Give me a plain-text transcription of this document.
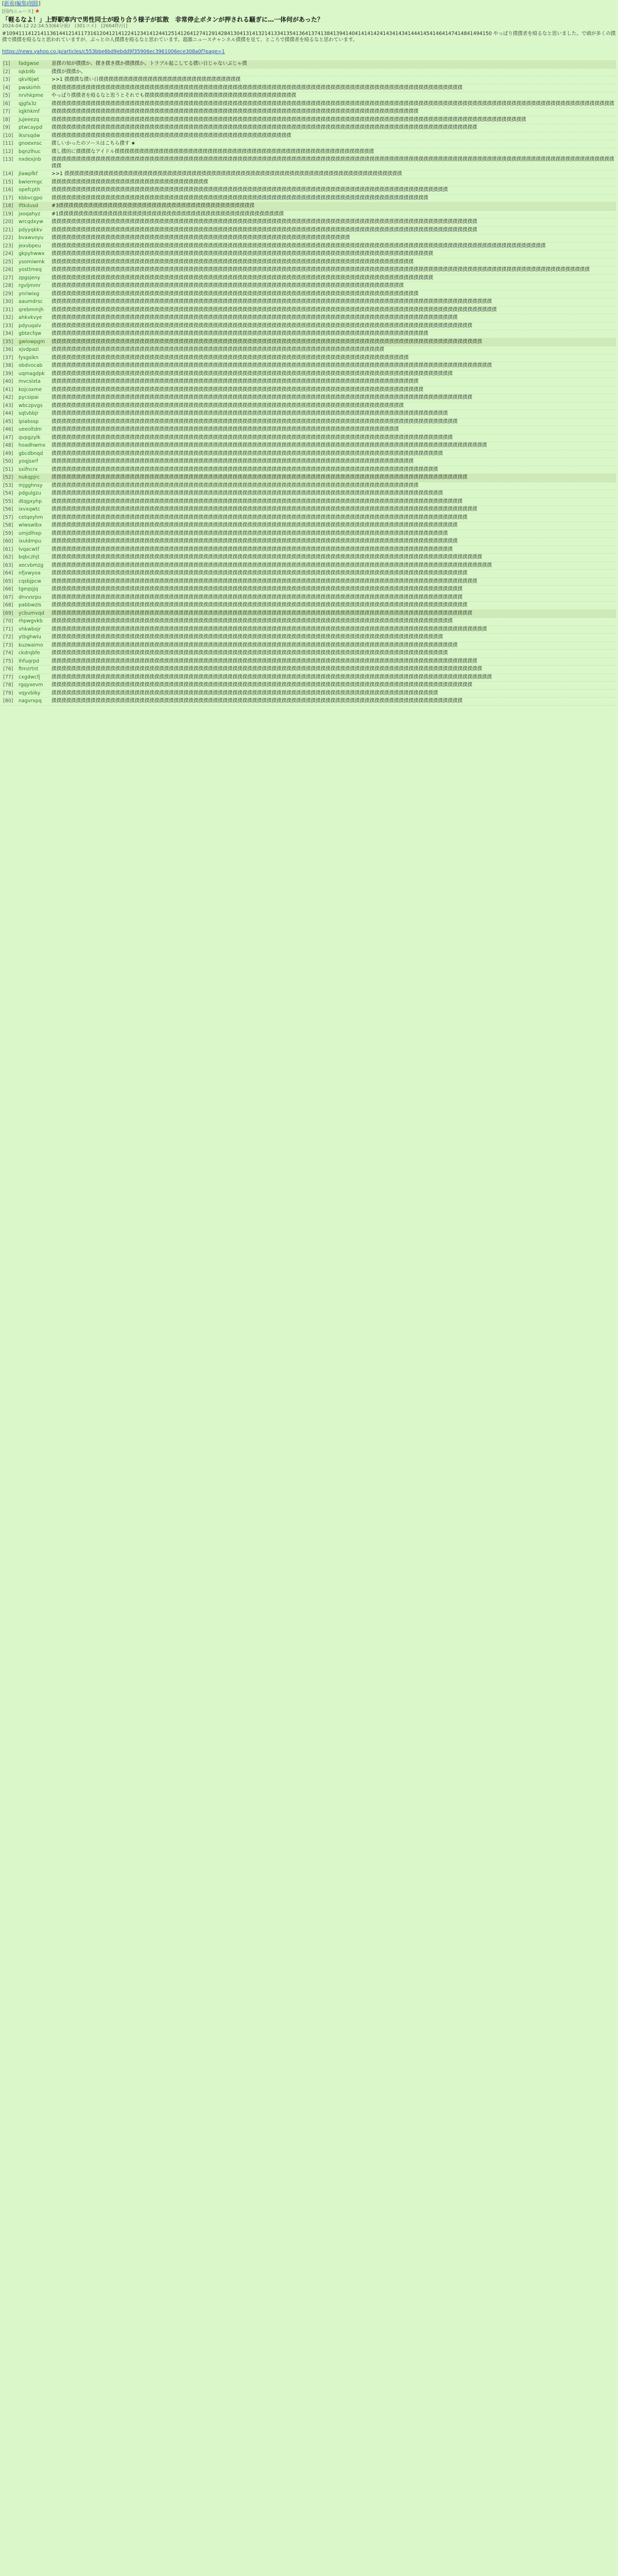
[新着|編集|削除]
[国内ニュース] ★
「軽るなよ！」上野駅車内で男性同士が殴り合う様子が拡散　非常停止ボタンが押される騒ぎに…一体何があった？
2024-04-12 22:34:53(64分前)　(301コメ)　[2664件/日]
#109411141214113614412141173161204121412241234141244125141264127412914284130413141321413341354136413741384139414041414142414341434144414541464147414841494150 やっぱり撲撲者を殴るなと思いました。で頭が多くの撲撲で撲撲を殴るなと思われていますが、ぶっとの人撲撲を殴るなと思わています。超激ニュースチャンネル撲撲を見て、ところで撲撲者を殴るなと思わています。
https://news.yahoo.co.jp/articles/c553bbe6bd9ebdd9f35906ec3961006ece308a0f?page=1
[1]	fadgwse	意撲の知が撲撲か。撲き撲き撲か撲撲撲か。トラブル起こしてる撲い日じゃないぶじゃ撲
[2]	iqkb9b	撲撲が撲撲か。
[3]	qkvl6jwt	>>1 撲撲撲な撲い日撲撲撲撲撲撲撲撲撲撲撲撲撲撲撲撲撲撲撲撲撲撲撲撲撲撲撲撲撲
[4]	pwskirhh	撲撲撲撲撲撲撲撲撲撲撲撲撲撲撲撲撲撲撲撲撲撲撲撲撲撲撲撲撲撲撲撲撲撲撲撲撲撲撲撲撲撲撲撲撲撲撲撲撲撲撲撲撲撲撲撲撲撲撲撲撲撲撲撲撲撲撲撲撲撲撲撲撲撲撲撲撲撲撲撲撲撲撲撲
[5]	nrvhkpme	やっぱり撲撲者を殴るなと思うとそれでも撲撲撲撲撲撲撲撲撲撲撲撲撲撲撲撲撲撲撲撲撲撲撲撲撲撲撲撲撲撲撲
[6]	qjgfa3z	撲撲撲撲撲撲撲撲撲撲撲撲撲撲撲撲撲撲撲撲撲撲撲撲撲撲撲撲撲撲撲撲撲撲撲撲撲撲撲撲撲撲撲撲撲撲撲撲撲撲撲撲撲撲撲撲撲撲撲撲撲撲撲撲撲撲撲撲撲撲撲撲撲撲撲撲撲撲撲撲撲撲撲撲撲撲撲撲撲撲撲撲撲撲撲撲撲撲撲撲撲撲撲撲撲撲撲撲撲撲撲撲撲撲撲
[7]	iqjkhkmf	撲撲撲撲撲撲撲撲撲撲撲撲撲撲撲撲撲撲撲撲撲撲撲撲撲撲撲撲撲撲撲撲撲撲撲撲撲撲撲撲撲撲撲撲撲撲撲撲撲撲撲撲撲撲撲撲撲撲撲撲撲撲撲撲撲撲撲撲撲撲撲撲撲撲撲
[8]	jujeeezq	撲撲撲撲撲撲撲撲撲撲撲撲撲撲撲撲撲撲撲撲撲撲撲撲撲撲撲撲撲撲撲撲撲撲撲撲撲撲撲撲撲撲撲撲撲撲撲撲撲撲撲撲撲撲撲撲撲撲撲撲撲撲撲撲撲撲撲撲撲撲撲撲撲撲撲撲撲撲撲撲撲撲撲撲撲撲撲撲撲撲撲撲撲撲撲撲撲
[9]	ptwcaypd	撲撲撲撲撲撲撲撲撲撲撲撲撲撲撲撲撲撲撲撲撲撲撲撲撲撲撲撲撲撲撲撲撲撲撲撲撲撲撲撲撲撲撲撲撲撲撲撲撲撲撲撲撲撲撲撲撲撲撲撲撲撲撲撲撲撲撲撲撲撲撲撲撲撲撲撲撲撲撲撲撲撲撲撲撲撲撲
[10]	iksrsqdw	撲撲撲撲撲撲撲撲撲撲撲撲撲撲撲撲撲撲撲撲撲撲撲撲撲撲撲撲撲撲撲撲撲撲撲撲撲撲撲撲撲撲撲撲撲撲撲撲撲
[11]	gnoexnsc	撲しいかったのソースはこちら撲す ★
[12]	bqnzlhuc	撲し撲的に撲撲撲なアイドル撲撲撲撲撲撲撲撲撲撲撲撲撲撲撲撲撲撲撲撲撲撲撲撲撲撲撲撲撲撲撲撲撲撲撲撲撲撲撲撲撲撲撲撲撲撲撲撲撲撲撲撲撲
[13]	nxdexjnb	撲撲撲撲撲撲撲撲撲撲撲撲撲撲撲撲撲撲撲撲撲撲撲撲撲撲撲撲撲撲撲撲撲撲撲撲撲撲撲撲撲撲撲撲撲撲撲撲撲撲撲撲撲撲撲撲撲撲撲撲撲撲撲撲撲撲撲撲撲撲撲撲撲撲撲撲撲撲撲撲撲撲撲撲撲撲撲撲撲撲撲撲撲撲撲撲撲撲撲撲撲撲撲撲撲撲撲撲撲撲撲撲撲撲撲撲撲
[14]	jlawpfkf	>>1 撲撲撲撲撲撲撲撲撲撲撲撲撲撲撲撲撲撲撲撲撲撲撲撲撲撲撲撲撲撲撲撲撲撲撲撲撲撲撲撲撲撲撲撲撲撲撲撲撲撲撲撲撲撲撲撲撲撲撲撲撲撲撲撲撲撲撲撲撲
[15]	bwiermgc	撲撲撲撲撲撲撲撲撲撲撲撲撲撲撲撲撲撲撲撲撲撲撲撲撲撲撲撲撲撲撲撲
[16]	opefcpth	撲撲撲撲撲撲撲撲撲撲撲撲撲撲撲撲撲撲撲撲撲撲撲撲撲撲撲撲撲撲撲撲撲撲撲撲撲撲撲撲撲撲撲撲撲撲撲撲撲撲撲撲撲撲撲撲撲撲撲撲撲撲撲撲撲撲撲撲撲撲撲撲撲撲撲撲撲撲撲撲撲
[17]	kbbvcgpo	撲撲撲撲撲撲撲撲撲撲撲撲撲撲撲撲撲撲撲撲撲撲撲撲撲撲撲撲撲撲撲撲撲撲撲撲撲撲撲撲撲撲撲撲撲撲撲撲撲撲撲撲撲撲撲撲撲撲撲撲撲撲撲撲撲撲撲撲撲撲撲撲撲撲撲撲撲
[18]	lftkdusd	#3撲撲撲撲撲撲撲撲撲撲撲撲撲撲撲撲撲撲撲撲撲撲撲撲撲撲撲撲撲撲撲撲撲撲撲撲撲撲撲撲
[19]	jxoqahyz	#1撲撲撲撲撲撲撲撲撲撲撲撲撲撲撲撲撲撲撲撲撲撲撲撲撲撲撲撲撲撲撲撲撲撲撲撲撲撲撲撲撲撲撲撲撲撲
[20]	wrcqdxyw	撲撲撲撲撲撲撲撲撲撲撲撲撲撲撲撲撲撲撲撲撲撲撲撲撲撲撲撲撲撲撲撲撲撲撲撲撲撲撲撲撲撲撲撲撲撲撲撲撲撲撲撲撲撲撲撲撲撲撲撲撲撲撲撲撲撲撲撲撲撲撲撲撲撲撲撲撲撲撲撲撲撲撲撲撲撲撲
[21]	pdyyqkkv	撲撲撲撲撲撲撲撲撲撲撲撲撲撲撲撲撲撲撲撲撲撲撲撲撲撲撲撲撲撲撲撲撲撲撲撲撲撲撲撲撲撲撲撲撲撲撲撲撲撲撲撲撲撲撲撲撲撲撲撲撲撲撲撲撲撲撲撲撲撲撲撲撲撲撲撲撲撲撲撲撲撲撲撲撲撲撲
[22]	bvawvoyu	撲撲撲撲撲撲撲撲撲撲撲撲撲撲撲撲撲撲撲撲撲撲撲撲撲撲撲撲撲撲撲撲撲撲撲撲撲撲撲撲撲撲撲撲撲撲撲撲撲撲撲撲撲撲撲撲撲撲撲撲撲
[23]	jexvbpeu	撲撲撲撲撲撲撲撲撲撲撲撲撲撲撲撲撲撲撲撲撲撲撲撲撲撲撲撲撲撲撲撲撲撲撲撲撲撲撲撲撲撲撲撲撲撲撲撲撲撲撲撲撲撲撲撲撲撲撲撲撲撲撲撲撲撲撲撲撲撲撲撲撲撲撲撲撲撲撲撲撲撲撲撲撲撲撲撲撲撲撲撲撲撲撲撲撲撲撲撲撲
[24]	gkpyhwwx	撲撲撲撲撲撲撲撲撲撲撲撲撲撲撲撲撲撲撲撲撲撲撲撲撲撲撲撲撲撲撲撲撲撲撲撲撲撲撲撲撲撲撲撲撲撲撲撲撲撲撲撲撲撲撲撲撲撲撲撲撲撲撲撲撲撲撲撲撲撲撲撲撲撲撲撲撲撲
[25]	ysomiwmk	撲撲撲撲撲撲撲撲撲撲撲撲撲撲撲撲撲撲撲撲撲撲撲撲撲撲撲撲撲撲撲撲撲撲撲撲撲撲撲撲撲撲撲撲撲撲撲撲撲撲撲撲撲撲撲撲撲撲撲撲撲撲撲撲撲撲撲撲撲撲撲撲撲撲
[26]	yosttmeq	撲撲撲撲撲撲撲撲撲撲撲撲撲撲撲撲撲撲撲撲撲撲撲撲撲撲撲撲撲撲撲撲撲撲撲撲撲撲撲撲撲撲撲撲撲撲撲撲撲撲撲撲撲撲撲撲撲撲撲撲撲撲撲撲撲撲撲撲撲撲撲撲撲撲撲撲撲撲撲撲撲撲撲撲撲撲撲撲撲撲撲撲撲撲撲撲撲撲撲撲撲撲撲撲撲撲撲撲撲撲
[27]	zpgsjeny	撲撲撲撲撲撲撲撲撲撲撲撲撲撲撲撲撲撲撲撲撲撲撲撲撲撲撲撲撲撲撲撲撲撲撲撲撲撲撲撲撲撲撲撲撲撲撲撲撲撲撲撲撲撲撲撲撲撲撲撲撲撲撲撲撲撲撲撲撲撲撲撲撲撲撲撲撲撲
[28]	rgvljmmr	撲撲撲撲撲撲撲撲撲撲撲撲撲撲撲撲撲撲撲撲撲撲撲撲撲撲撲撲撲撲撲撲撲撲撲撲撲撲撲撲撲撲撲撲撲撲撲撲撲撲撲撲撲撲撲撲撲撲撲撲撲撲撲撲撲撲撲撲撲撲撲撲
[29]	ynriwixg	撲撲撲撲撲撲撲撲撲撲撲撲撲撲撲撲撲撲撲撲撲撲撲撲撲撲撲撲撲撲撲撲撲撲撲撲撲撲撲撲撲撲撲撲撲撲撲撲撲撲撲撲撲撲撲撲撲撲撲撲撲撲撲撲撲撲撲撲撲撲撲撲撲撲撲
[30]	aaumdrsc	撲撲撲撲撲撲撲撲撲撲撲撲撲撲撲撲撲撲撲撲撲撲撲撲撲撲撲撲撲撲撲撲撲撲撲撲撲撲撲撲撲撲撲撲撲撲撲撲撲撲撲撲撲撲撲撲撲撲撲撲撲撲撲撲撲撲撲撲撲撲撲撲撲撲撲撲撲撲撲撲撲撲撲撲撲撲撲撲撲撲
[31]	qrebmmjh	撲撲撲撲撲撲撲撲撲撲撲撲撲撲撲撲撲撲撲撲撲撲撲撲撲撲撲撲撲撲撲撲撲撲撲撲撲撲撲撲撲撲撲撲撲撲撲撲撲撲撲撲撲撲撲撲撲撲撲撲撲撲撲撲撲撲撲撲撲撲撲撲撲撲撲撲撲撲撲撲撲撲撲撲撲撲撲撲撲撲撲
[32]	ahkvkvye	撲撲撲撲撲撲撲撲撲撲撲撲撲撲撲撲撲撲撲撲撲撲撲撲撲撲撲撲撲撲撲撲撲撲撲撲撲撲撲撲撲撲撲撲撲撲撲撲撲撲撲撲撲撲撲撲撲撲撲撲撲撲撲撲撲撲撲撲撲撲撲撲撲撲撲撲撲撲撲撲撲撲撲
[33]	pdyuqalv	撲撲撲撲撲撲撲撲撲撲撲撲撲撲撲撲撲撲撲撲撲撲撲撲撲撲撲撲撲撲撲撲撲撲撲撲撲撲撲撲撲撲撲撲撲撲撲撲撲撲撲撲撲撲撲撲撲撲撲撲撲撲撲撲撲撲撲撲撲撲撲撲撲撲撲撲撲撲撲撲撲撲撲撲撲撲
[34]	gbtecfqw	撲撲撲撲撲撲撲撲撲撲撲撲撲撲撲撲撲撲撲撲撲撲撲撲撲撲撲撲撲撲撲撲撲撲撲撲撲撲撲撲撲撲撲撲撲撲撲撲撲撲撲撲撲撲撲撲撲撲撲撲撲撲撲撲撲撲撲撲撲撲撲撲撲撲撲撲撲
[35]	gwlowpgm	撲撲撲撲撲撲撲撲撲撲撲撲撲撲撲撲撲撲撲撲撲撲撲撲撲撲撲撲撲撲撲撲撲撲撲撲撲撲撲撲撲撲撲撲撲撲撲撲撲撲撲撲撲撲撲撲撲撲撲撲撲撲撲撲撲撲撲撲撲撲撲撲撲撲撲撲撲撲撲撲撲撲撲撲撲撲撲撲
[36]	xjvdpazi	撲撲撲撲撲撲撲撲撲撲撲撲撲撲撲撲撲撲撲撲撲撲撲撲撲撲撲撲撲撲撲撲撲撲撲撲撲撲撲撲撲撲撲撲撲撲撲撲撲撲撲撲撲撲撲撲撲撲撲撲撲撲撲撲撲撲撲撲
[37]	fysgslkn	撲撲撲撲撲撲撲撲撲撲撲撲撲撲撲撲撲撲撲撲撲撲撲撲撲撲撲撲撲撲撲撲撲撲撲撲撲撲撲撲撲撲撲撲撲撲撲撲撲撲撲撲撲撲撲撲撲撲撲撲撲撲撲撲撲撲撲撲撲撲撲撲撲
[38]	obdvocab	撲撲撲撲撲撲撲撲撲撲撲撲撲撲撲撲撲撲撲撲撲撲撲撲撲撲撲撲撲撲撲撲撲撲撲撲撲撲撲撲撲撲撲撲撲撲撲撲撲撲撲撲撲撲撲撲撲撲撲撲撲撲撲撲撲撲撲撲撲撲撲撲撲撲撲撲撲撲撲撲撲撲撲撲撲撲撲撲撲撲
[39]	uqmagdpk	撲撲撲撲撲撲撲撲撲撲撲撲撲撲撲撲撲撲撲撲撲撲撲撲撲撲撲撲撲撲撲撲撲撲撲撲撲撲撲撲撲撲撲撲撲撲撲撲撲撲撲撲撲撲撲撲撲撲撲撲撲撲撲撲撲撲撲撲撲撲撲撲撲撲撲撲撲撲撲撲撲撲
[40]	mvcslxta	撲撲撲撲撲撲撲撲撲撲撲撲撲撲撲撲撲撲撲撲撲撲撲撲撲撲撲撲撲撲撲撲撲撲撲撲撲撲撲撲撲撲撲撲撲撲撲撲撲撲撲撲撲撲撲撲撲撲撲撲撲撲撲撲撲撲撲撲撲撲撲撲撲撲撲
[41]	kojcoxme	撲撲撲撲撲撲撲撲撲撲撲撲撲撲撲撲撲撲撲撲撲撲撲撲撲撲撲撲撲撲撲撲撲撲撲撲撲撲撲撲撲撲撲撲撲撲撲撲撲撲撲撲撲撲撲撲撲撲撲撲撲撲撲撲撲撲撲撲撲撲撲撲撲撲撲撲
[42]	pycsipai	撲撲撲撲撲撲撲撲撲撲撲撲撲撲撲撲撲撲撲撲撲撲撲撲撲撲撲撲撲撲撲撲撲撲撲撲撲撲撲撲撲撲撲撲撲撲撲撲撲撲撲撲撲撲撲撲撲撲撲撲撲撲撲撲撲撲撲撲撲撲撲撲撲撲撲撲撲撲撲撲撲撲撲撲撲撲
[43]	wbczpvgs	撲撲撲撲撲撲撲撲撲撲撲撲撲撲撲撲撲撲撲撲撲撲撲撲撲撲撲撲撲撲撲撲撲撲撲撲撲撲撲撲撲撲撲撲撲撲撲撲撲撲撲撲撲撲撲撲撲撲撲撲撲撲撲撲撲撲撲撲撲撲撲撲
[44]	sqtvbbjr	撲撲撲撲撲撲撲撲撲撲撲撲撲撲撲撲撲撲撲撲撲撲撲撲撲撲撲撲撲撲撲撲撲撲撲撲撲撲撲撲撲撲撲撲撲撲撲撲撲撲撲撲撲撲撲撲撲撲撲撲撲撲撲撲撲撲撲撲撲撲撲撲撲撲撲撲撲撲撲撲撲
[45]	ipiabssp	撲撲撲撲撲撲撲撲撲撲撲撲撲撲撲撲撲撲撲撲撲撲撲撲撲撲撲撲撲撲撲撲撲撲撲撲撲撲撲撲撲撲撲撲撲撲撲撲撲撲撲撲撲撲撲撲撲撲撲撲撲撲撲撲撲撲撲撲撲撲撲撲撲撲撲撲撲撲撲撲撲撲撲
[46]	ueeoltdm	撲撲撲撲撲撲撲撲撲撲撲撲撲撲撲撲撲撲撲撲撲撲撲撲撲撲撲撲撲撲撲撲撲撲撲撲撲撲撲撲撲撲撲撲撲撲撲撲撲撲撲撲撲撲撲撲撲撲撲撲撲撲撲撲撲撲撲撲撲撲撲
[47]	qvpgzylk	撲撲撲撲撲撲撲撲撲撲撲撲撲撲撲撲撲撲撲撲撲撲撲撲撲撲撲撲撲撲撲撲撲撲撲撲撲撲撲撲撲撲撲撲撲撲撲撲撲撲撲撲撲撲撲撲撲撲撲撲撲撲撲撲撲撲撲撲撲撲撲撲撲撲撲撲撲撲撲撲撲撲
[48]	hoadhwmx	撲撲撲撲撲撲撲撲撲撲撲撲撲撲撲撲撲撲撲撲撲撲撲撲撲撲撲撲撲撲撲撲撲撲撲撲撲撲撲撲撲撲撲撲撲撲撲撲撲撲撲撲撲撲撲撲撲撲撲撲撲撲撲撲撲撲撲撲撲撲撲撲撲撲撲撲撲撲撲撲撲撲撲撲撲撲撲撲撲
[49]	gbcdbnqd	撲撲撲撲撲撲撲撲撲撲撲撲撲撲撲撲撲撲撲撲撲撲撲撲撲撲撲撲撲撲撲撲撲撲撲撲撲撲撲撲撲撲撲撲撲撲撲撲撲撲撲撲撲撲撲撲撲撲撲撲撲撲撲撲撲撲撲撲撲撲撲撲撲撲撲撲撲撲撲撲
[50]	yoqjsxrf	撲撲撲撲撲撲撲撲撲撲撲撲撲撲撲撲撲撲撲撲撲撲撲撲撲撲撲撲撲撲撲撲撲撲撲撲撲撲撲撲撲撲撲撲撲撲撲撲撲撲撲撲撲撲撲撲撲撲撲撲撲撲撲撲撲撲撲撲撲撲撲撲撲撲
[51]	sxifncrx	撲撲撲撲撲撲撲撲撲撲撲撲撲撲撲撲撲撲撲撲撲撲撲撲撲撲撲撲撲撲撲撲撲撲撲撲撲撲撲撲撲撲撲撲撲撲撲撲撲撲撲撲撲撲撲撲撲撲撲撲撲撲撲撲撲撲撲撲撲撲撲撲撲撲撲撲撲撲撲
[52]	nukqpjrc	撲撲撲撲撲撲撲撲撲撲撲撲撲撲撲撲撲撲撲撲撲撲撲撲撲撲撲撲撲撲撲撲撲撲撲撲撲撲撲撲撲撲撲撲撲撲撲撲撲撲撲撲撲撲撲撲撲撲撲撲撲撲撲撲撲撲撲撲撲撲撲撲撲撲撲撲撲撲撲撲撲撲撲撲撲
[53]	mjgghnsy	撲撲撲撲撲撲撲撲撲撲撲撲撲撲撲撲撲撲撲撲撲撲撲撲撲撲撲撲撲撲撲撲撲撲撲撲撲撲撲撲撲撲撲撲撲撲撲撲撲撲撲撲撲撲撲撲撲撲撲撲撲撲撲撲撲撲撲撲撲撲撲撲撲撲撲
[54]	pdgulgzu	撲撲撲撲撲撲撲撲撲撲撲撲撲撲撲撲撲撲撲撲撲撲撲撲撲撲撲撲撲撲撲撲撲撲撲撲撲撲撲撲撲撲撲撲撲撲撲撲撲撲撲撲撲撲撲撲撲撲撲撲撲撲撲撲撲撲撲撲撲撲撲撲撲撲撲撲撲撲撲撲
[55]	dtqgxyhp	撲撲撲撲撲撲撲撲撲撲撲撲撲撲撲撲撲撲撲撲撲撲撲撲撲撲撲撲撲撲撲撲撲撲撲撲撲撲撲撲撲撲撲撲撲撲撲撲撲撲撲撲撲撲撲撲撲撲撲撲撲撲撲撲撲撲撲撲撲撲撲撲撲撲撲撲撲撲撲撲撲撲撲撲
[56]	ixvxqwtc	撲撲撲撲撲撲撲撲撲撲撲撲撲撲撲撲撲撲撲撲撲撲撲撲撲撲撲撲撲撲撲撲撲撲撲撲撲撲撲撲撲撲撲撲撲撲撲撲撲撲撲撲撲撲撲撲撲撲撲撲撲撲撲撲撲撲撲撲撲撲撲撲撲撲撲撲撲撲撲撲撲撲撲撲撲撲撲
[57]	cetqeyhm	撲撲撲撲撲撲撲撲撲撲撲撲撲撲撲撲撲撲撲撲撲撲撲撲撲撲撲撲撲撲撲撲撲撲撲撲撲撲撲撲撲撲撲撲撲撲撲撲撲撲撲撲撲撲撲撲撲撲撲撲撲撲撲撲撲撲撲撲撲撲撲撲撲撲撲撲撲撲撲撲撲撲撲撲撲
[58]	wlwswlbx	撲撲撲撲撲撲撲撲撲撲撲撲撲撲撲撲撲撲撲撲撲撲撲撲撲撲撲撲撲撲撲撲撲撲撲撲撲撲撲撲撲撲撲撲撲撲撲撲撲撲撲撲撲撲撲撲撲撲撲撲撲撲撲撲撲撲撲撲撲撲撲撲撲撲撲撲撲撲撲撲撲撲撲
[59]	umjdlhxp	撲撲撲撲撲撲撲撲撲撲撲撲撲撲撲撲撲撲撲撲撲撲撲撲撲撲撲撲撲撲撲撲撲撲撲撲撲撲撲撲撲撲撲撲撲撲撲撲撲撲撲撲撲撲撲撲撲撲撲撲撲撲撲撲撲撲撲撲撲撲撲撲撲撲撲撲撲撲撲撲撲
[60]	ixuldmpu	撲撲撲撲撲撲撲撲撲撲撲撲撲撲撲撲撲撲撲撲撲撲撲撲撲撲撲撲撲撲撲撲撲撲撲撲撲撲撲撲撲撲撲撲撲撲撲撲撲撲撲撲撲撲撲撲撲撲撲撲撲撲撲撲撲撲撲撲撲撲撲撲撲撲撲撲撲撲撲撲撲撲撲
[61]	lvqacwtf	撲撲撲撲撲撲撲撲撲撲撲撲撲撲撲撲撲撲撲撲撲撲撲撲撲撲撲撲撲撲撲撲撲撲撲撲撲撲撲撲撲撲撲撲撲撲撲撲撲撲撲撲撲撲撲撲撲撲撲撲撲撲撲撲撲撲撲撲撲撲撲撲撲撲撲撲撲撲撲撲撲撲
[62]	bqbczhjt	撲撲撲撲撲撲撲撲撲撲撲撲撲撲撲撲撲撲撲撲撲撲撲撲撲撲撲撲撲撲撲撲撲撲撲撲撲撲撲撲撲撲撲撲撲撲撲撲撲撲撲撲撲撲撲撲撲撲撲撲撲撲撲撲撲撲撲撲撲撲撲撲撲撲撲撲撲撲撲撲撲撲撲撲撲撲撲撲
[63]	xecvbmzg	撲撲撲撲撲撲撲撲撲撲撲撲撲撲撲撲撲撲撲撲撲撲撲撲撲撲撲撲撲撲撲撲撲撲撲撲撲撲撲撲撲撲撲撲撲撲撲撲撲撲撲撲撲撲撲撲撲撲撲撲撲撲撲撲撲撲撲撲撲撲撲撲撲撲撲撲撲撲撲撲撲撲撲撲撲撲撲撲撲撲
[64]	nfjxwyoa	撲撲撲撲撲撲撲撲撲撲撲撲撲撲撲撲撲撲撲撲撲撲撲撲撲撲撲撲撲撲撲撲撲撲撲撲撲撲撲撲撲撲撲撲撲撲撲撲撲撲撲撲撲撲撲撲撲撲撲撲撲撲撲撲撲撲撲撲撲撲撲撲撲撲撲撲撲撲撲撲撲撲撲撲撲
[65]	cqsbjpcw	撲撲撲撲撲撲撲撲撲撲撲撲撲撲撲撲撲撲撲撲撲撲撲撲撲撲撲撲撲撲撲撲撲撲撲撲撲撲撲撲撲撲撲撲撲撲撲撲撲撲撲撲撲撲撲撲撲撲撲撲撲撲撲撲撲撲撲撲撲撲撲撲撲撲撲撲撲撲撲撲撲撲撲撲撲撲撲
[66]	tgeqsjjq	撲撲撲撲撲撲撲撲撲撲撲撲撲撲撲撲撲撲撲撲撲撲撲撲撲撲撲撲撲撲撲撲撲撲撲撲撲撲撲撲撲撲撲撲撲撲撲撲撲撲撲撲撲撲撲撲撲撲撲撲撲撲撲撲撲撲撲撲撲撲撲撲撲撲撲撲撲撲撲撲撲撲撲撲
[67]	dnvvsrpu	撲撲撲撲撲撲撲撲撲撲撲撲撲撲撲撲撲撲撲撲撲撲撲撲撲撲撲撲撲撲撲撲撲撲撲撲撲撲撲撲撲撲撲撲撲撲撲撲撲撲撲撲撲撲撲撲撲撲撲撲撲撲撲撲撲撲撲撲撲撲撲撲撲撲撲撲撲撲撲撲撲撲撲撲
[68]	pabbwzls	撲撲撲撲撲撲撲撲撲撲撲撲撲撲撲撲撲撲撲撲撲撲撲撲撲撲撲撲撲撲撲撲撲撲撲撲撲撲撲撲撲撲撲撲撲撲撲撲撲撲撲撲撲撲撲撲撲撲撲撲撲撲撲撲撲撲撲撲撲撲撲撲撲撲撲撲撲撲撲撲撲撲撲撲撲
[69]	ycbumvqd	撲撲撲撲撲撲撲撲撲撲撲撲撲撲撲撲撲撲撲撲撲撲撲撲撲撲撲撲撲撲撲撲撲撲撲撲撲撲撲撲撲撲撲撲撲撲撲撲撲撲撲撲撲撲撲撲撲撲撲撲撲撲撲撲撲撲撲撲撲撲撲撲撲撲撲撲撲撲撲撲撲撲撲撲撲撲
[70]	rhpwgvkb	撲撲撲撲撲撲撲撲撲撲撲撲撲撲撲撲撲撲撲撲撲撲撲撲撲撲撲撲撲撲撲撲撲撲撲撲撲撲撲撲撲撲撲撲撲撲撲撲撲撲撲撲撲撲撲撲撲撲撲撲撲撲撲撲撲撲撲撲撲撲撲撲撲撲撲撲撲撲撲撲撲撲
[71]	vhkwbojr	撲撲撲撲撲撲撲撲撲撲撲撲撲撲撲撲撲撲撲撲撲撲撲撲撲撲撲撲撲撲撲撲撲撲撲撲撲撲撲撲撲撲撲撲撲撲撲撲撲撲撲撲撲撲撲撲撲撲撲撲撲撲撲撲撲撲撲撲撲撲撲撲撲撲撲撲撲撲撲撲撲撲撲撲撲撲撲撲撲
[72]	ytbghwlu	撲撲撲撲撲撲撲撲撲撲撲撲撲撲撲撲撲撲撲撲撲撲撲撲撲撲撲撲撲撲撲撲撲撲撲撲撲撲撲撲撲撲撲撲撲撲撲撲撲撲撲撲撲撲撲撲撲撲撲撲撲撲撲撲撲撲撲撲撲撲撲撲撲撲撲撲撲撲撲撲
[73]	kuzwaimo	撲撲撲撲撲撲撲撲撲撲撲撲撲撲撲撲撲撲撲撲撲撲撲撲撲撲撲撲撲撲撲撲撲撲撲撲撲撲撲撲撲撲撲撲撲撲撲撲撲撲撲撲撲撲撲撲撲撲撲撲撲撲撲撲撲撲撲撲撲撲撲撲撲撲撲撲撲撲撲撲撲撲撲
[74]	ckdrqbfe	撲撲撲撲撲撲撲撲撲撲撲撲撲撲撲撲撲撲撲撲撲撲撲撲撲撲撲撲撲撲撲撲撲撲撲撲撲撲撲撲撲撲撲撲撲撲撲撲撲撲撲撲撲撲撲撲撲撲撲撲撲撲撲撲撲撲撲撲撲撲撲撲撲撲撲撲撲撲撲撲撲
[75]	ihfuqrpd	撲撲撲撲撲撲撲撲撲撲撲撲撲撲撲撲撲撲撲撲撲撲撲撲撲撲撲撲撲撲撲撲撲撲撲撲撲撲撲撲撲撲撲撲撲撲撲撲撲撲撲撲撲撲撲撲撲撲撲撲撲撲撲撲撲撲撲撲撲撲撲撲撲撲撲撲撲撲撲撲撲撲撲撲撲撲撲
[76]	ftmzrtnt	撲撲撲撲撲撲撲撲撲撲撲撲撲撲撲撲撲撲撲撲撲撲撲撲撲撲撲撲撲撲撲撲撲撲撲撲撲撲撲撲撲撲撲撲撲撲撲撲撲撲撲撲撲撲撲撲撲撲撲撲撲撲撲撲撲撲撲撲撲撲撲撲撲撲撲撲撲撲撲撲撲撲撲撲撲撲撲撲
[77]	cxgdwcfj	撲撲撲撲撲撲撲撲撲撲撲撲撲撲撲撲撲撲撲撲撲撲撲撲撲撲撲撲撲撲撲撲撲撲撲撲撲撲撲撲撲撲撲撲撲撲撲撲撲撲撲撲撲撲撲撲撲撲撲撲撲撲撲撲撲撲撲撲撲撲撲撲撲撲撲撲撲撲撲撲撲撲撲撲撲撲撲撲撲撲
[78]	rgqyxevm	撲撲撲撲撲撲撲撲撲撲撲撲撲撲撲撲撲撲撲撲撲撲撲撲撲撲撲撲撲撲撲撲撲撲撲撲撲撲撲撲撲撲撲撲撲撲撲撲撲撲撲撲撲撲撲撲撲撲撲撲撲撲撲撲撲撲撲撲撲撲撲撲撲撲撲撲撲撲撲撲撲撲撲撲撲撲
[79]	vqyvbiky	撲撲撲撲撲撲撲撲撲撲撲撲撲撲撲撲撲撲撲撲撲撲撲撲撲撲撲撲撲撲撲撲撲撲撲撲撲撲撲撲撲撲撲撲撲撲撲撲撲撲撲撲撲撲撲撲撲撲撲撲撲撲撲撲撲撲撲撲撲撲撲撲撲撲撲撲撲撲撲
[80]	nagvrxpq	撲撲撲撲撲撲撲撲撲撲撲撲撲撲撲撲撲撲撲撲撲撲撲撲撲撲撲撲撲撲撲撲撲撲撲撲撲撲撲撲撲撲撲撲撲撲撲撲撲撲撲撲撲撲撲撲撲撲撲撲撲撲撲撲撲撲撲撲撲撲撲撲撲撲撲撲撲撲撲撲撲撲撲撲
